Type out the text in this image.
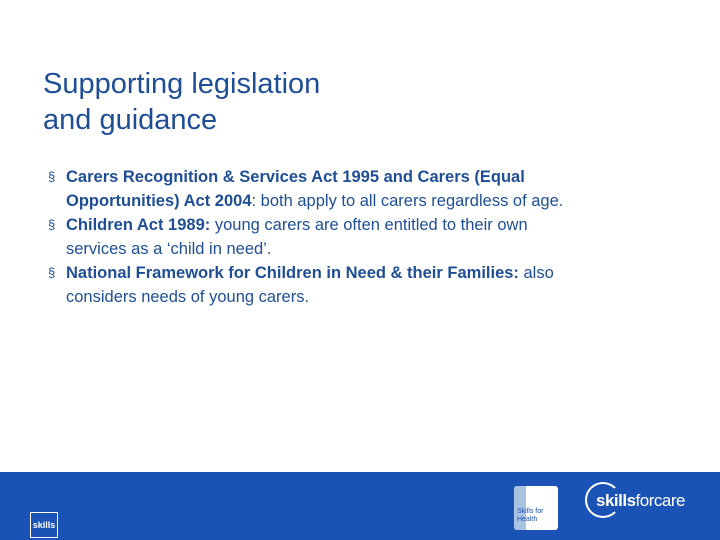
Supporting legislation
and guidance
§ Carers Recognition & Services Act 1995 and Carers (Equal Opportunities) Act 2004: both apply to all carers regardless of age.
§ Children Act 1989: young carers are often entitled to their own services as a ‘child in need’.
§ National Framework for Children in Need & their Families: also considers needs of young carers.
skills
Skills for Health
skillsforcare
